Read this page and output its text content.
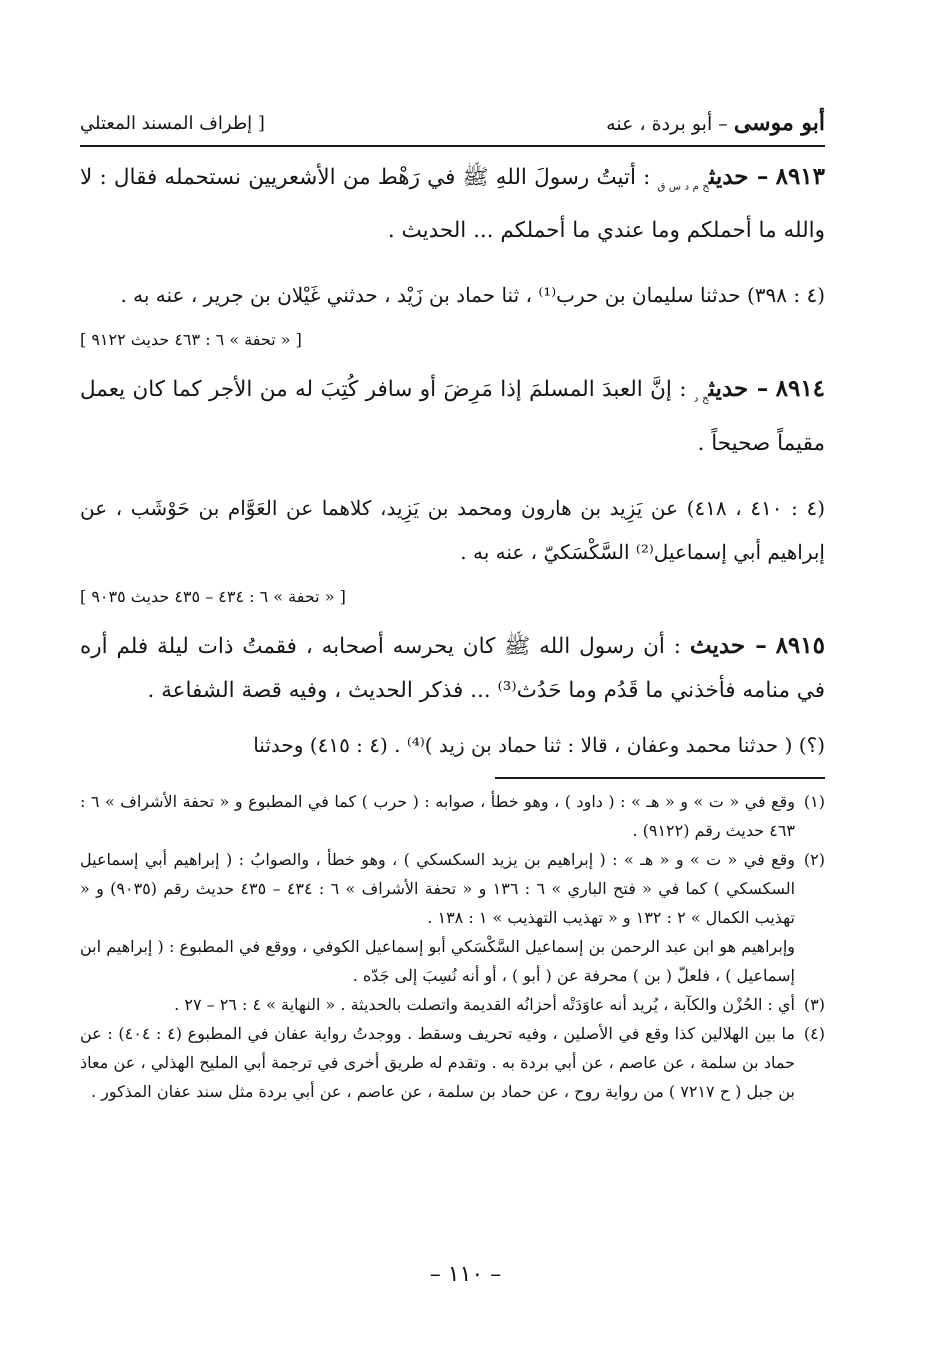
أبو موسى – أبو بردة ، عنه
[ إطراف المسند المعتلي
٨٩١٣ – حديث$_{خ م د س ق}$ : أتيتُ رسولَ اللهِ ﷺ في رَهْط من الأشعريين نستحمله فقال : لا والله ما أحملكم وما عندي ما أحملكم ... الحديث .
(٤ : ٣٩٨) حدثنا سليمان بن حرب⁽¹⁾ ، ثنا حماد بن زَيْد ، حدثني غَيْلان بن جرير ، عنه به .
[ « تحفة » ٦ : ٤٦٣ حديث ٩١٢٢ ]
٨٩١٤ – حديث$_{خ د}$ : إنَّ العبدَ المسلمَ إذا مَرِضَ أو سافر كُتِبَ له من الأجر كما كان يعمل مقيماً صحيحاً .
(٤ : ٤١٠ ، ٤١٨) عن يَزِيد بن هارون ومحمد بن يَزِيد، كلاهما عن العَوَّام بن حَوْشَب ، عن إبراهيم أبي إسماعيل⁽²⁾ السَّكْسَكيّ ، عنه به .
[ « تحفة » ٦ : ٤٣٤ – ٤٣٥ حديث ٩٠٣٥ ]
٨٩١٥ – حديث : أن رسول الله ﷺ كان يحرسه أصحابه ، فقمتُ ذات ليلة فلم أره في منامه فأخذني ما قَدُم وما حَدُث⁽³⁾ ... فذكر الحديث ، وفيه قصة الشفاعة .
(؟) ( حدثنا محمد وعفان ، قالا : ثنا حماد بن زيد )⁽⁴⁾ . (٤ : ٤١٥) وحدثنا
(١)
وقع في « ت » و « هـ » : ( داود ) ، وهو خطأ ، صوابه : ( حرب ) كما في المطبوع و « تحفة الأشراف » ٦ : ٤٦٣ حديث رقم (٩١٢٢) .
(٢)
وقع في « ت » و « هـ » : ( إبراهيم بن يزيد السكسكي ) ، وهو خطأ ، والصوابُ : ( إبراهيم أبي إسماعيل السكسكي ) كما في « فتح الباري » ٦ : ١٣٦ و « تحفة الأشراف » ٦ : ٤٣٤ – ٤٣٥ حديث رقم (٩٠٣٥) و « تهذيب الكمال » ٢ : ١٣٢ و « تهذيب التهذيب » ١ : ١٣٨ .
وإبراهيم هو ابن عبد الرحمن بن إسماعيل السَّكْسَكي أبو إسماعيل الكوفي ، ووقع في المطبوع : ( إبراهيم ابن إسماعيل ) ، فلعلّ ( بن ) محرفة عن ( أبو ) ، أو أنه نُسِبَ إلى جَدّه .
(٣)
أي : الحُزْن والكآبة ، يُريد أنه عاوَدَتْه أحزانُه القديمة واتصلت بالحديثة . « النهاية » ٤ : ٢٦ – ٢٧ .
(٤)
ما بين الهلالين كذا وقع في الأصلين ، وفيه تحريف وسقط . ووجدتُ رواية عفان في المطبوع (٤ : ٤٠٤) : عن حماد بن سلمة ، عن عاصم ، عن أبي بردة به . وتقدم له طريق أخرى في ترجمة أبي المليح الهذلي ، عن معاذ بن جبل ( ح ٧٢١٧ ) من رواية روح ، عن حماد بن سلمة ، عن عاصم ، عن أبي بردة مثل سند عفان المذكور .
– ١١٠ –
